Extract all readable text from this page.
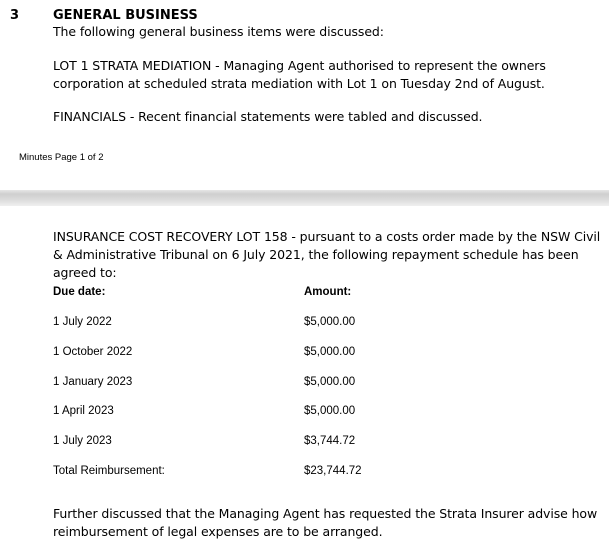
3	GENERAL BUSINESS
The following general business items were discussed:
LOT 1 STRATA MEDIATION - Managing Agent authorised to represent the owners corporation at scheduled strata mediation with Lot 1 on Tuesday 2nd of August.
FINANCIALS - Recent financial statements were tabled and discussed.
Minutes Page 1 of 2
INSURANCE COST RECOVERY LOT 158 - pursuant to a costs order made by the NSW Civil & Administrative Tribunal on 6 July 2021, the following repayment schedule has been agreed to:
Due date:	Amount:
1 July 2022	$5,000.00
1 October 2022	$5,000.00
1 January 2023	$5,000.00
1 April 2023	$5,000.00
1 July 2023	$3,744.72
Total Reimbursement:	$23,744.72
Further discussed that the Managing Agent has requested the Strata Insurer advise how reimbursement of legal expenses are to be arranged.
